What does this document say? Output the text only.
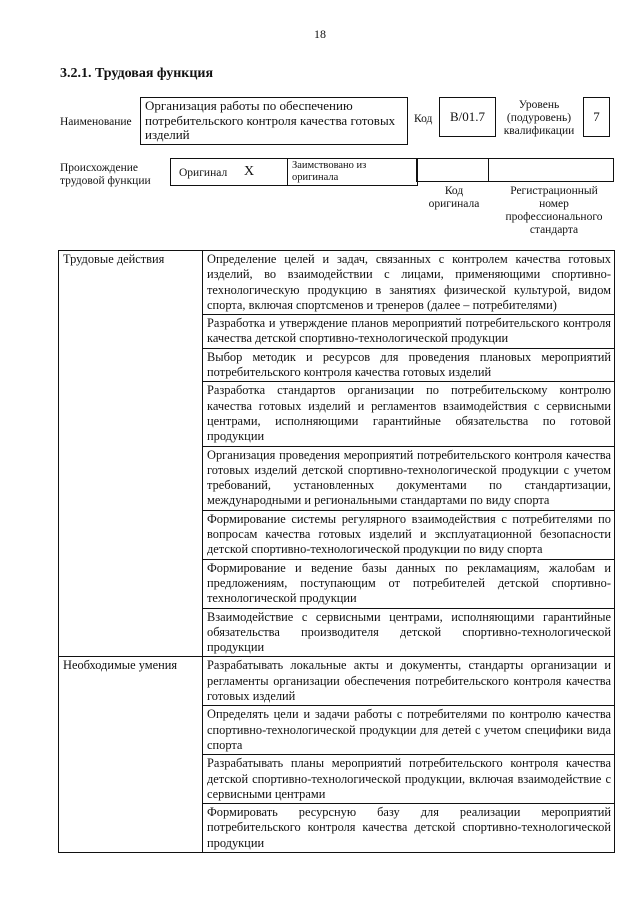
18
3.2.1. Трудовая функция
Наименование
Организация работы по обеспечению потребительского контроля качества готовых изделий
Код	B/01.7
Уровень
(подуровень)
квалификации
7
Происхождение
трудовой функции
Оригинал X	Заимствовано из
оригинала
Код
оригинала
Регистрационный
номер
профессионального
стандарта
Трудовые действия	Определение целей и задач, связанных с контролем качества готовых изделий, во взаимодействии с лицами, применяющими спортивно-технологическую продукцию в занятиях физической культурой, видом спорта, включая спортсменов и тренеров (далее – потребителями)
	Разработка и утверждение планов мероприятий потребительского контроля качества детской спортивно-технологической продукции
	Выбор методик и ресурсов для проведения плановых мероприятий потребительского контроля качества готовых изделий
	Разработка стандартов организации по потребительскому контролю качества готовых изделий и регламентов взаимодействия с сервисными центрами, исполняющими гарантийные обязательства по готовой продукции
	Организация проведения мероприятий потребительского контроля качества готовых изделий детской спортивно-технологической продукции с учетом требований, установленных документами по стандартизации, международными и региональными стандартами по виду спорта
	Формирование системы регулярного взаимодействия с потребителями по вопросам качества готовых изделий и эксплуатационной безопасности детской спортивно-технологической продукции по виду спорта
	Формирование и ведение базы данных по рекламациям, жалобам и предложениям, поступающим от потребителей детской спортивно-технологической продукции
	Взаимодействие с сервисными центрами, исполняющими гарантийные обязательства производителя детской спортивно-технологической продукции
Необходимые умения	Разрабатывать локальные акты и документы, стандарты организации и регламенты организации обеспечения потребительского контроля качества готовых изделий
	Определять цели и задачи работы с потребителями по контролю качества спортивно-технологической продукции для детей с учетом специфики вида спорта
	Разрабатывать планы мероприятий потребительского контроля качества детской спортивно-технологической продукции, включая взаимодействие с сервисными центрами
	Формировать ресурсную базу для реализации мероприятий потребительского контроля качества детской спортивно-технологической продукции
